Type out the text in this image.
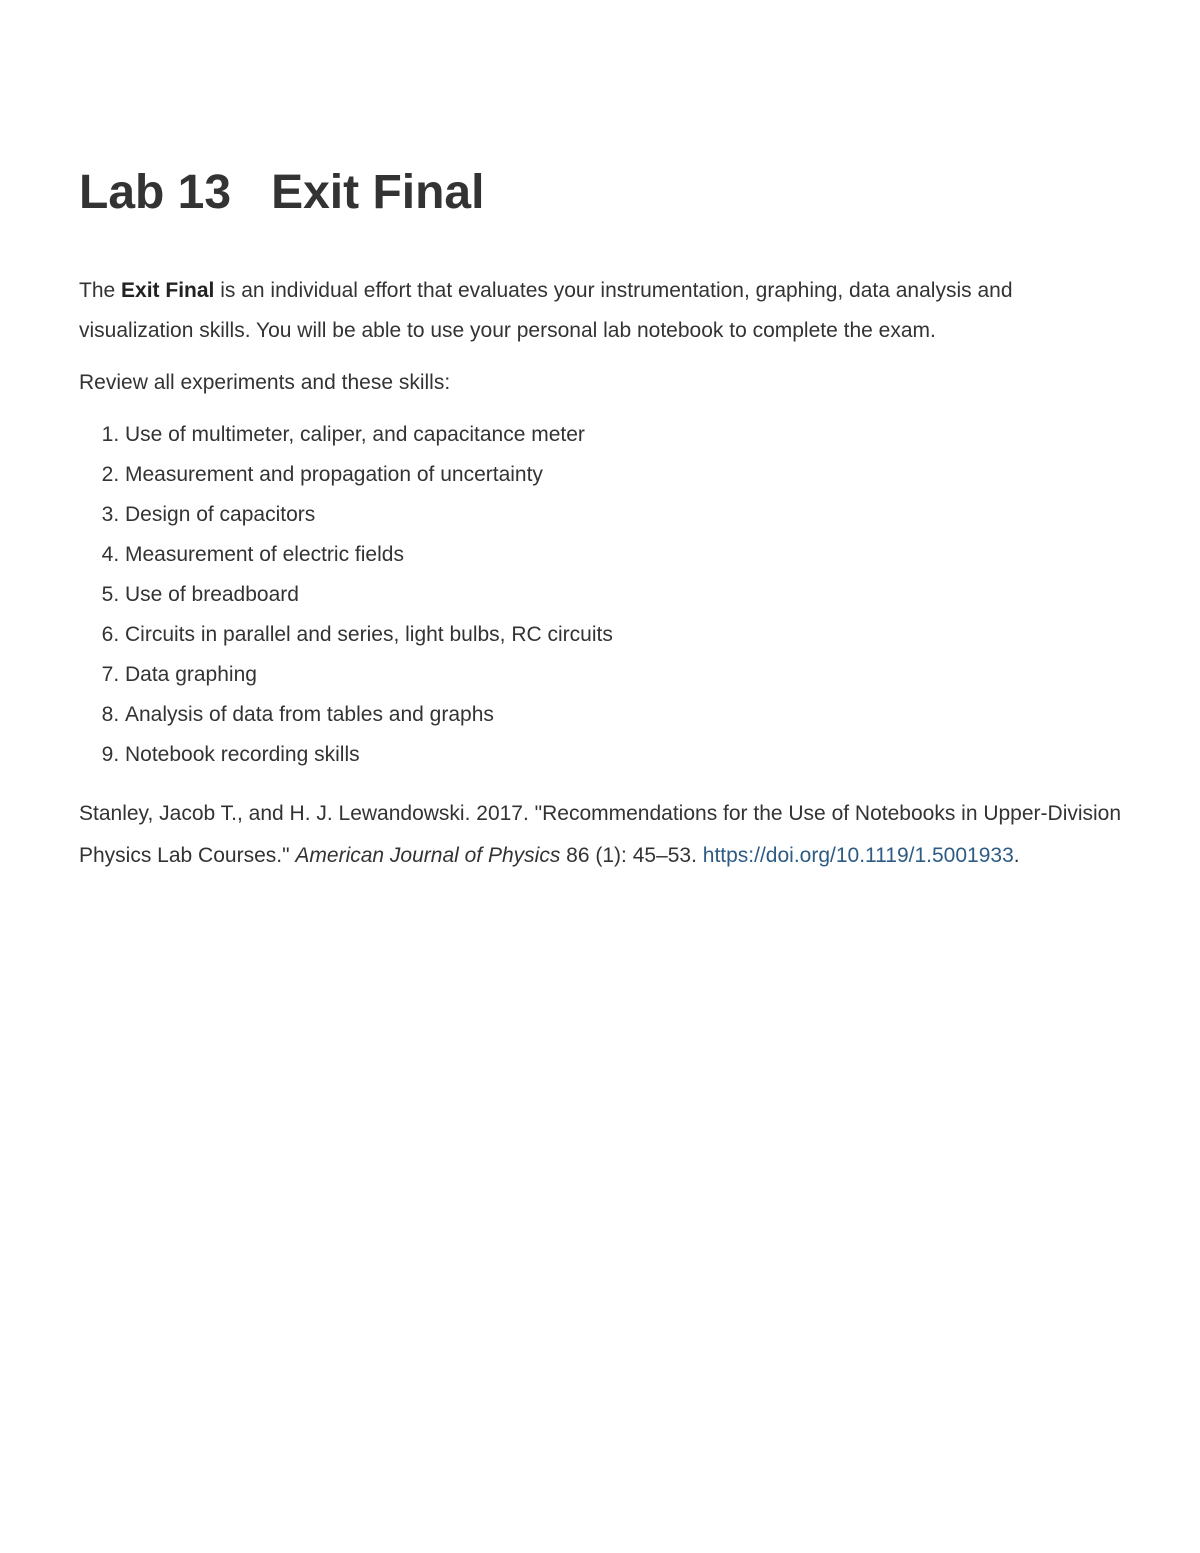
Lab 13   Exit Final

The Exit Final is an individual effort that evaluates your instrumentation, graphing, data analysis and visualization skills. You will be able to use your personal lab notebook to complete the exam.

Review all experiments and these skills:

1. Use of multimeter, caliper, and capacitance meter
2. Measurement and propagation of uncertainty
3. Design of capacitors
4. Measurement of electric fields
5. Use of breadboard
6. Circuits in parallel and series, light bulbs, RC circuits
7. Data graphing
8. Analysis of data from tables and graphs
9. Notebook recording skills

Stanley, Jacob T., and H. J. Lewandowski. 2017. "Recommendations for the Use of Notebooks in Upper-Division Physics Lab Courses." American Journal of Physics 86 (1): 45–53. https://doi.org/10.1119/1.5001933.
